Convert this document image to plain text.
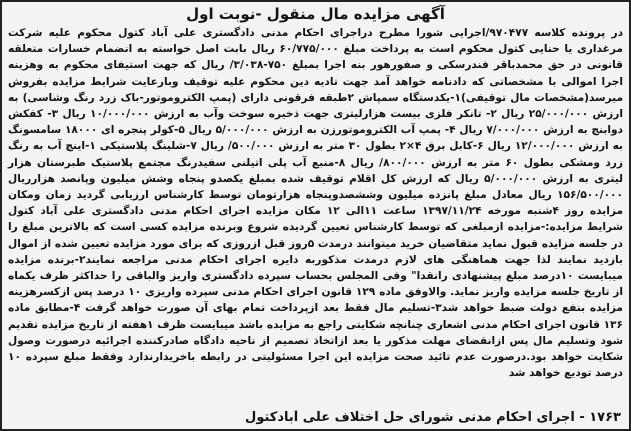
آگهی مزایده مال منقول -نوبت اول

در پرونده کلاسه ۹۷۰۴۷۷/اجرایی شورا مطرح دراجرای احکام مدنی دادگستری علی آباد کتول محکوم علیه شرکت مرغداری یا حنایی کتول محکوم است به پرداخت مبلغ ۶۰/۷۷۵/۰۰۰ ریال بابت اصل خواسته به انضمام خسارات متعلقه قانونی در حق محمدباقر فندرسکی و صفورهور بنه اجرا بمبلغ ۷۵۰-۳/۰۳۸/ ریال که جهت استیفای محکوم به وهزینه اجرا اموالی با مشخصاتی که دادنامه خواهد آمد جهت تادیه دین محکوم علیه توقیف وبارعایت شرایط مزایده بفروش میرسد(مشخصات مال توقیفی)۱-یکدستگاه سمپاش ۲طبقه فرقونی دارای (پمپ الکتروموتور-باک زرد رنگ وشاسی) به ارزش ۲۵/۰۰۰/۰۰۰ ریال ۲- تانکر فلزی بیست هزارلیتری جهت ذخیره سوخت وآب به ارزش ۱۰/۰۰۰/۰۰۰ ریال ۳- کفکش دوابنچ به ارزش ۷/۰۰۰/۰۰۰ ریال ۴- پمپ آب الکتروموتورزن به ارزش ۵/۰۰۰/۰۰۰ ریال ۵-کولر پنجره ای ۱۸۰۰۰ سامسونگ به ارزش ۱۲/۰۰۰/۰۰۰ ریال ۶-کابل برق ۴×۲ بطول ۳۰ متر به ارزش ۵۰۰/۰۰۰/ ریال ۷-شلینگ پلاستیکی ۱-اینچ آب به رنگ زرد ومشکی بطول ۶۰ متر به ارزش ۸۰۰/۰۰۰/ ریال ۸-منبع آب پلی اتیلنی سفیدرنگ مجتمع پلاستیک طبرستان هزار لیتری به ارزش ۵/۰۰۰/۰۰۰ ریال که ارزش کل اقلام توقیف شده بمبلغ یکصدو پنجاه وشش میلیون وپانصد هزارریال ۱۵۶/۵۰۰/۰۰۰ ریال معادل مبلغ پانزده میلیون وششصدوپنجاه هزارتومان توسط کارشناس ارزیابی گردید زمان ومکان مزایده روز ۴شنبه مورخه ۱۳۹۷/۱۱/۲۴ ساعت ۱۱الی ۱۲ مکان مزایده اجرای احکام مدنی دادگستری علی آباد کتول شرایط مزایده:-مزایده ازمبلغی که توسط کارشناس تعیین گردیده شروع وبرنده مزایده کسی است که بالاترین مبلغ را در جلسه مزایده قبول نماید متقاضیان خرید میتوانند درمدت ۵روز قبل ازروزی که برای مورد مزایده تعیین شده از اموال بازدید نمایند لذا جهت هماهنگی های لازم درمدت مذکوربه دایره اجرای احکام مدنی مراجعه نمایند۲-برنده مزایده میبایست ۱۰درصد مبلغ پیشنهادی رانقدا" وفی المجلس بحساب سپرده دادگستری واریز والباقی را حداکثر ظرف یکماه از تاریخ جلسه مزایده واریز نماید. والاوفق ماده ۱۲۹ قانون اجرای احکام مدنی سپرده واریزی ۱۰ درصد پس ازکسرهزینه مزایده بنفع دولت ضبط خواهد شد۳-تسلیم مال فقط بعد ازپرداخت تمام بهای آن صورت خواهد گرفت ۴-مطابق ماده ۱۳۶ قانون اجرای احکام مدنی اشعاری چنانچه شکایتی راجع به مزایده باشد میبایست ظرف ۱هفته از تاریخ مزایده تقدیم شود وتسلیم مال پس ازانقضای مهلت مذکور یا بعد ازاتخاذ تصمیم از ناحیه دادگاه صادرکننده اجرائیه درصورت وصول شکایت خواهد بود.درصورت عدم تائید صحت مزایده این اجرا مسئولیتی در رابطه باخریدارندارد وفقط مبلغ سپرده ۱۰ درصد تودیع خواهد شد

۱۷۶۳ - اجرای احکام مدنی شورای حل اختلاف علی آبادکتول
